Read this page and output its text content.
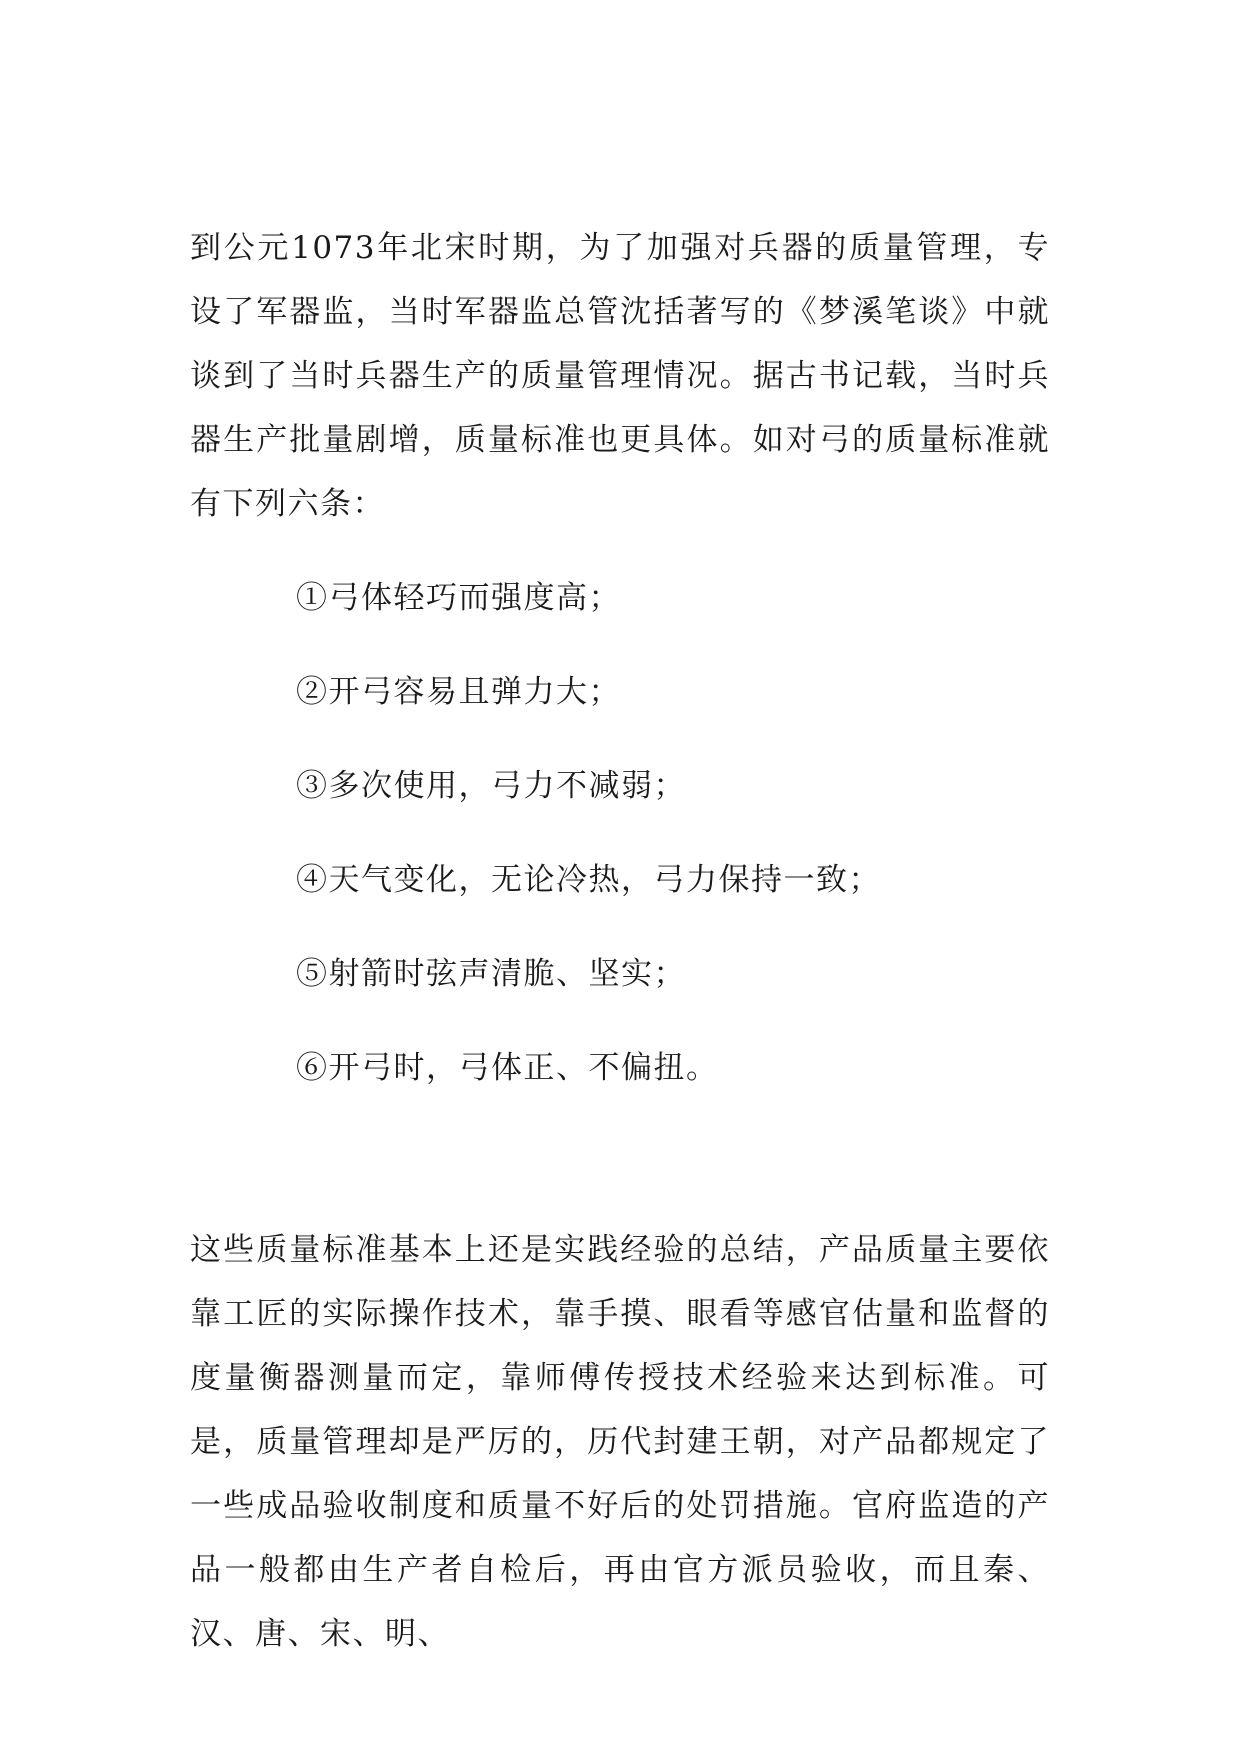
到公元1073年北宋时期，为了加强对兵器的质量管理，专设了军器监，当时军器监总管沈括著写的《梦溪笔谈》中就谈到了当时兵器生产的质量管理情况。据古书记载，当时兵器生产批量剧增，质量标准也更具体。如对弓的质量标准就有下列六条：

①弓体轻巧而强度高；
②开弓容易且弹力大；
③多次使用，弓力不减弱；
④天气变化，无论冷热，弓力保持一致；
⑤射箭时弦声清脆、坚实；
⑥开弓时，弓体正、不偏扭。

这些质量标准基本上还是实践经验的总结，产品质量主要依靠工匠的实际操作技术，靠手摸、眼看等感官估量和监督的度量衡器测量而定，靠师傅传授技术经验来达到标准。可是，质量管理却是严厉的，历代封建王朝，对产品都规定了一些成品验收制度和质量不好后的处罚措施。官府监造的产品一般都由生产者自检后，再由官方派员验收，而且秦、汉、唐、宋、明、
